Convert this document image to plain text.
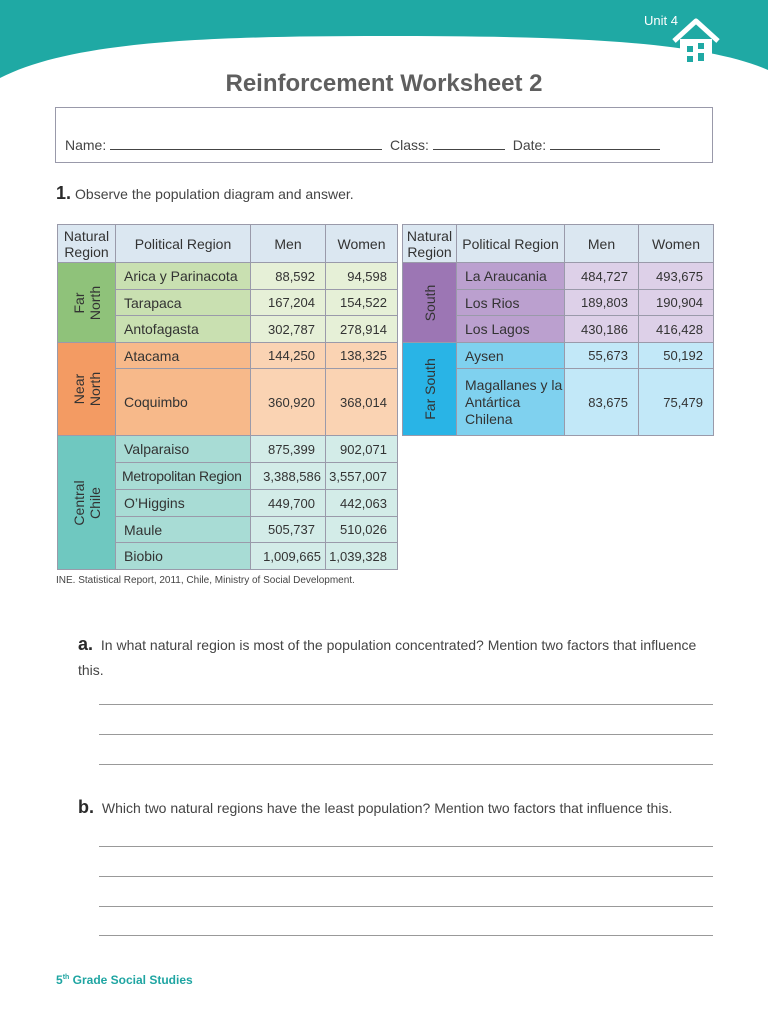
Unit 4
Reinforcement Worksheet 2
Name:	Class:	Date:
1. Observe the population diagram and answer.
Natural Region	Political Region	Men	Women

Far North	Arica y Parinacota	88,592	94,598
	Tarapaca	167,204	154,522
	Antofagasta	302,787	278,914

Near North	Atacama	144,250	138,325
	Coquimbo	360,920	368,014

Central Chile	Valparaiso	875,399	902,071
	Metropolitan Region	3,388,586	3,557,007
	O’Higgins	449,700	442,063
	Maule	505,737	510,026
	Biobio	1,009,665	1,039,328
Natural Region	Political Region	Men	Women

South	La Araucania	484,727	493,675
	Los Rios	189,803	190,904
	Los Lagos	430,186	416,428

Far South	Aysen	55,673	50,192
	Magallanes y la Antártica Chilena	83,675	75,479
INE. Statistical Report, 2011, Chile, Ministry of Social Development.
a. In what natural region is most of the population concentrated? Mention two factors that influence this.
b. Which two natural regions have the least population? Mention two factors that influence this.
5th Grade Social Studies
